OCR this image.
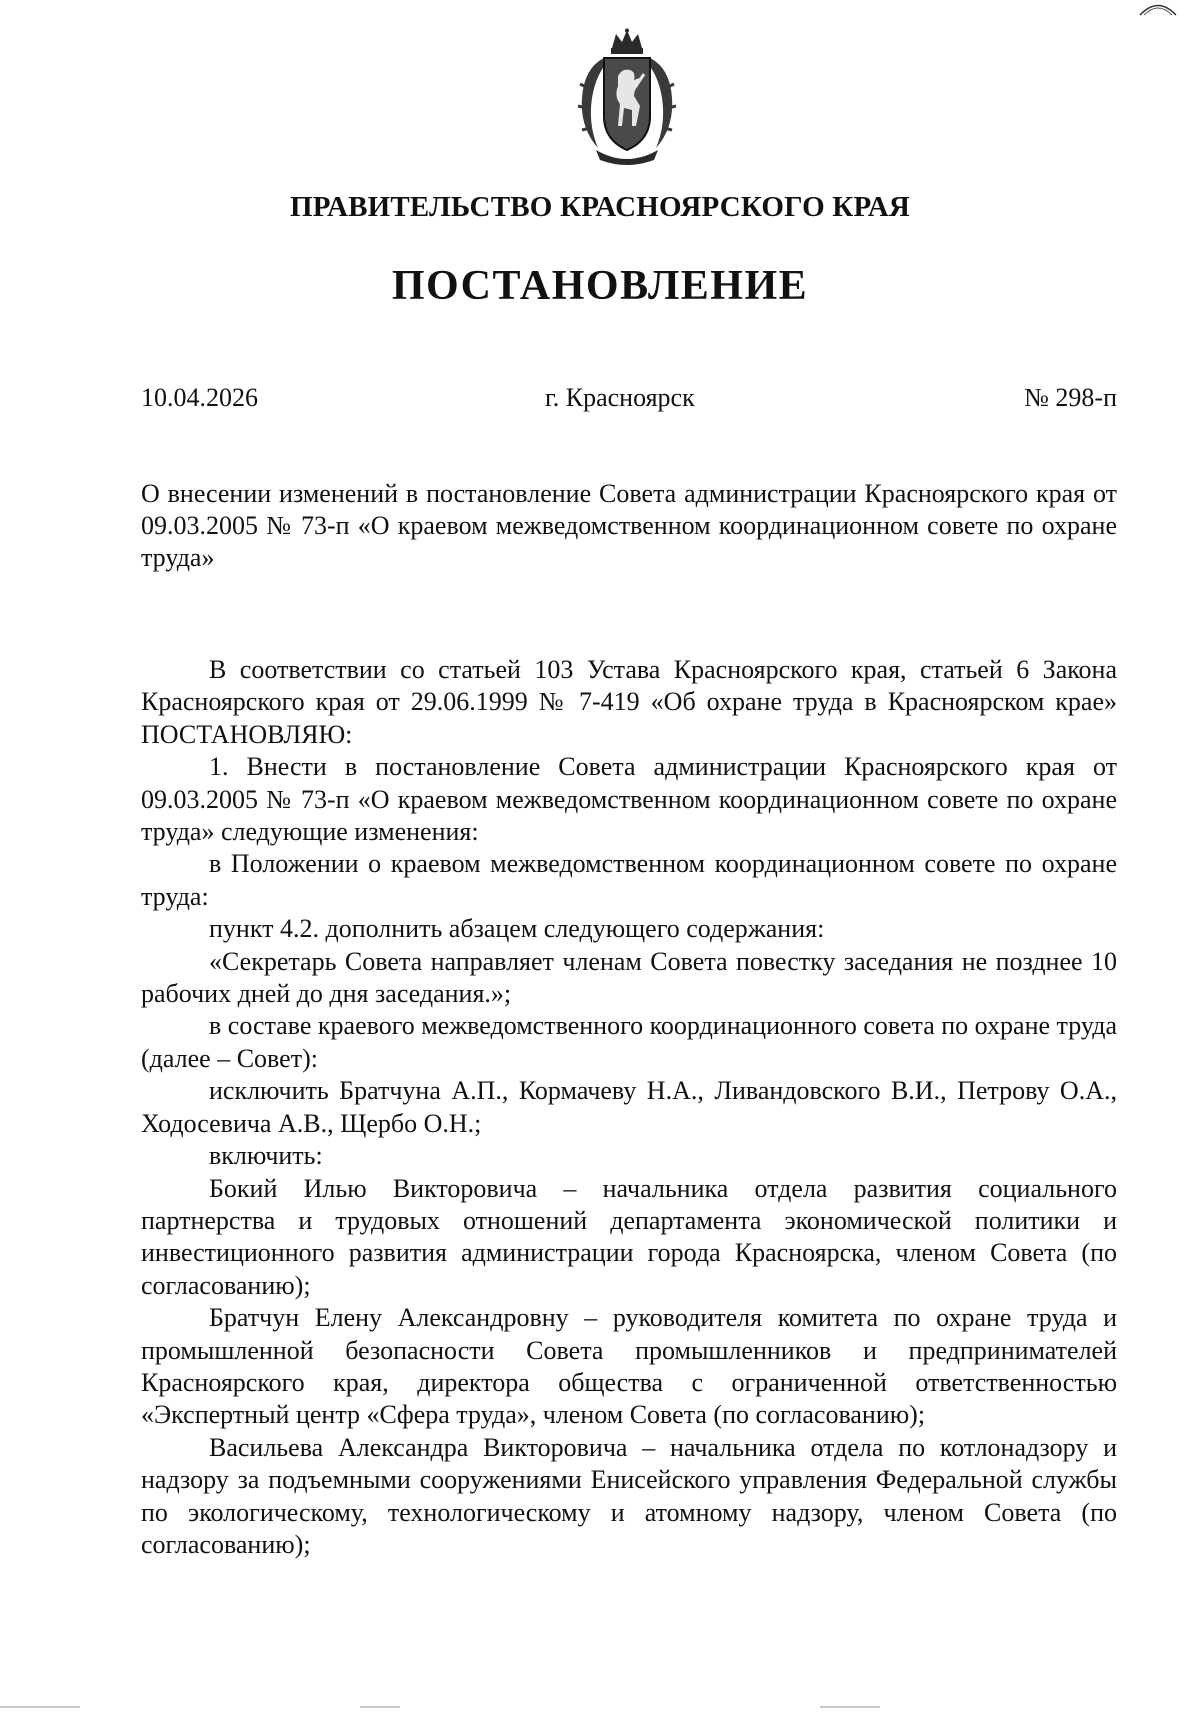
ПРАВИТЕЛЬСТВО КРАСНОЯРСКОГО КРАЯ
ПОСТАНОВЛЕНИЕ
10.04.2026	г. Красноярск	№ 298-п
О внесении изменений в постановление Совета администрации Красноярского края от 09.03.2005 № 73-п «О краевом межведомственном координационном совете по охране труда»

В соответствии со статьей 103 Устава Красноярского края, статьей 6 Закона Красноярского края от 29.06.1999 № 7-419 «Об охране труда в Красноярском крае» ПОСТАНОВЛЯЮ:

1. Внести в постановление Совета администрации Красноярского края от 09.03.2005 № 73-п «О краевом межведомственном координационном совете по охране труда» следующие изменения:

в Положении о краевом межведомственном координационном совете по охране труда:

пункт 4.2. дополнить абзацем следующего содержания:

«Секретарь Совета направляет членам Совета повестку заседания не позднее 10 рабочих дней до дня заседания.»;

в составе краевого межведомственного координационного совета по охране труда (далее – Совет):

исключить Братчуна А.П., Кормачеву Н.А., Ливандовского В.И., Петрову О.А., Ходосевича А.В., Щербо О.Н.;

включить:

Бокий Илью Викторовича – начальника отдела развития социального партнерства и трудовых отношений департамента экономической политики и инвестиционного развития администрации города Красноярска, членом Совета (по согласованию);

Братчун Елену Александровну – руководителя комитета по охране труда и промышленной безопасности Совета промышленников и предпринимателей Красноярского края, директора общества с ограниченной ответственностью «Экспертный центр «Сфера труда», членом Совета (по согласованию);

Васильева Александра Викторовича – начальника отдела по котлонадзору и надзору за подъемными сооружениями Енисейского управления Федеральной службы по экологическому, технологическому и атомному надзору, членом Совета (по согласованию);
